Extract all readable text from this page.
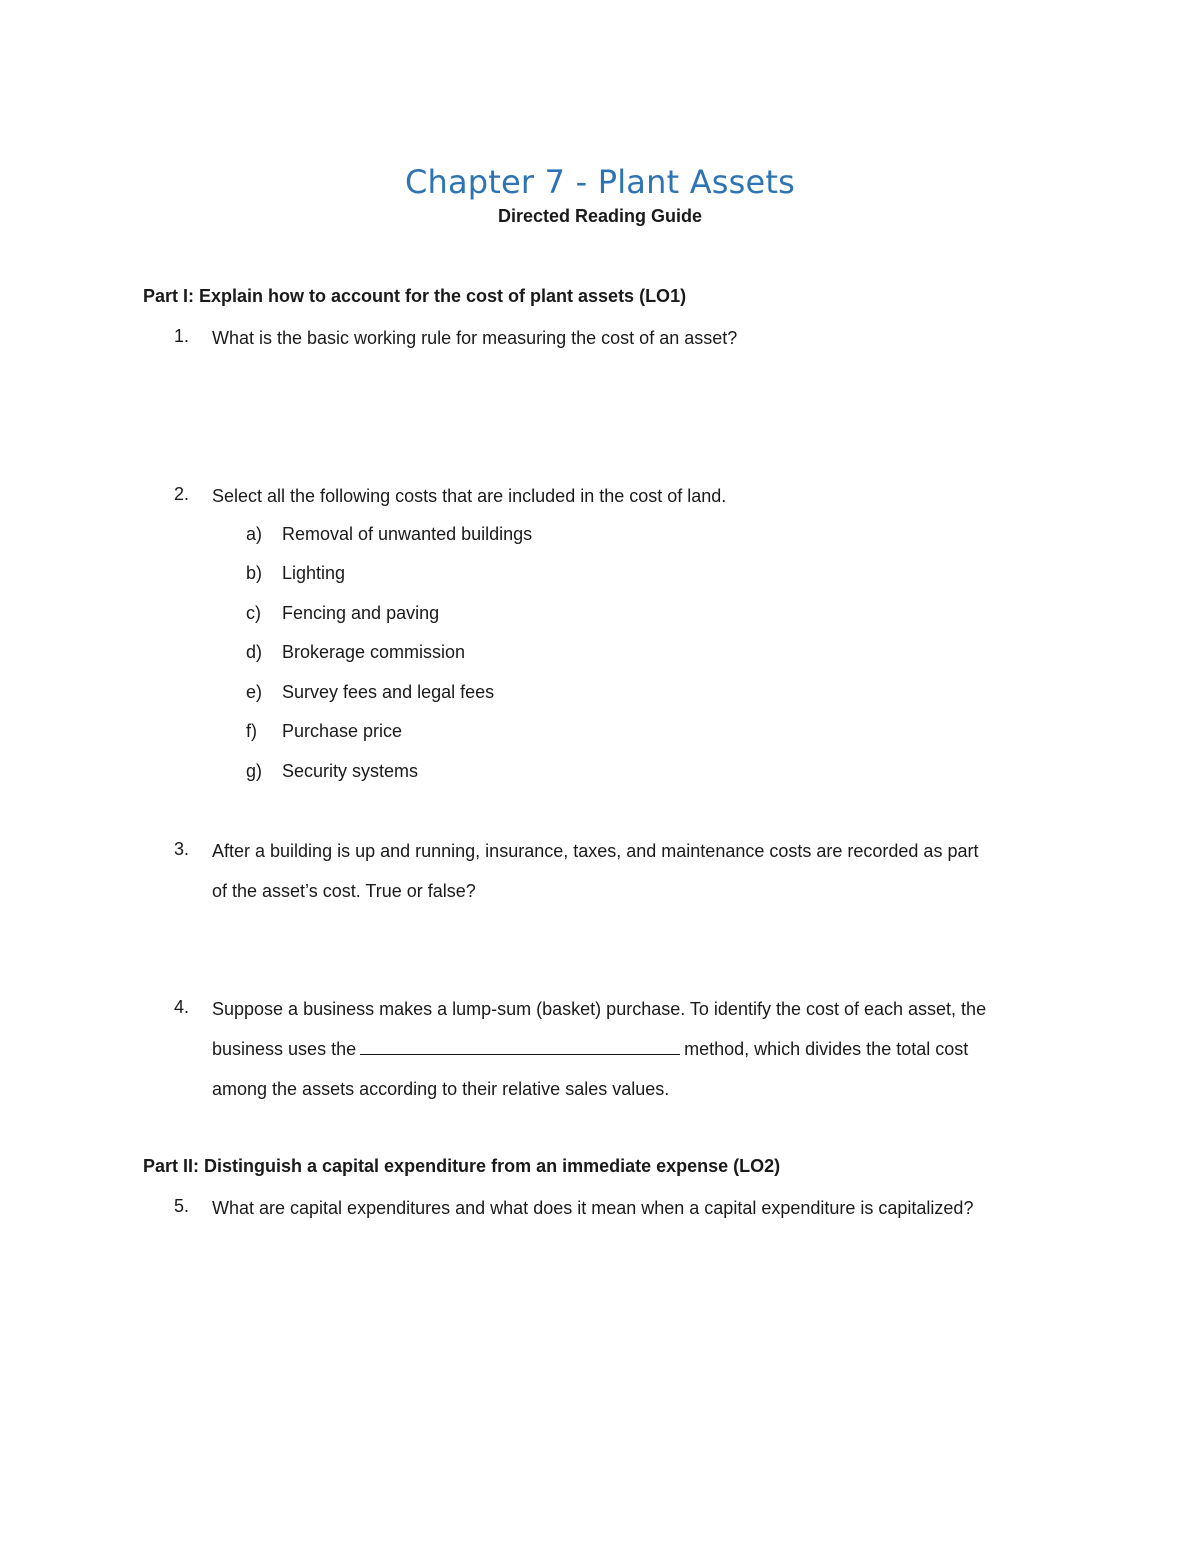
Chapter 7 - Plant Assets
Directed Reading Guide
Part I: Explain how to account for the cost of plant assets (LO1)
1. What is the basic working rule for measuring the cost of an asset?
2. Select all the following costs that are included in the cost of land.
a) Removal of unwanted buildings
b) Lighting
c) Fencing and paving
d) Brokerage commission
e) Survey fees and legal fees
f) Purchase price
g) Security systems
3. After a building is up and running, insurance, taxes, and maintenance costs are recorded as part
of the asset’s cost. True or false?
4. Suppose a business makes a lump-sum (basket) purchase. To identify the cost of each asset, the
business uses the	method, which divides the total cost
among the assets according to their relative sales values.
Part II: Distinguish a capital expenditure from an immediate expense (LO2)
5. What are capital expenditures and what does it mean when a capital expenditure is capitalized?
